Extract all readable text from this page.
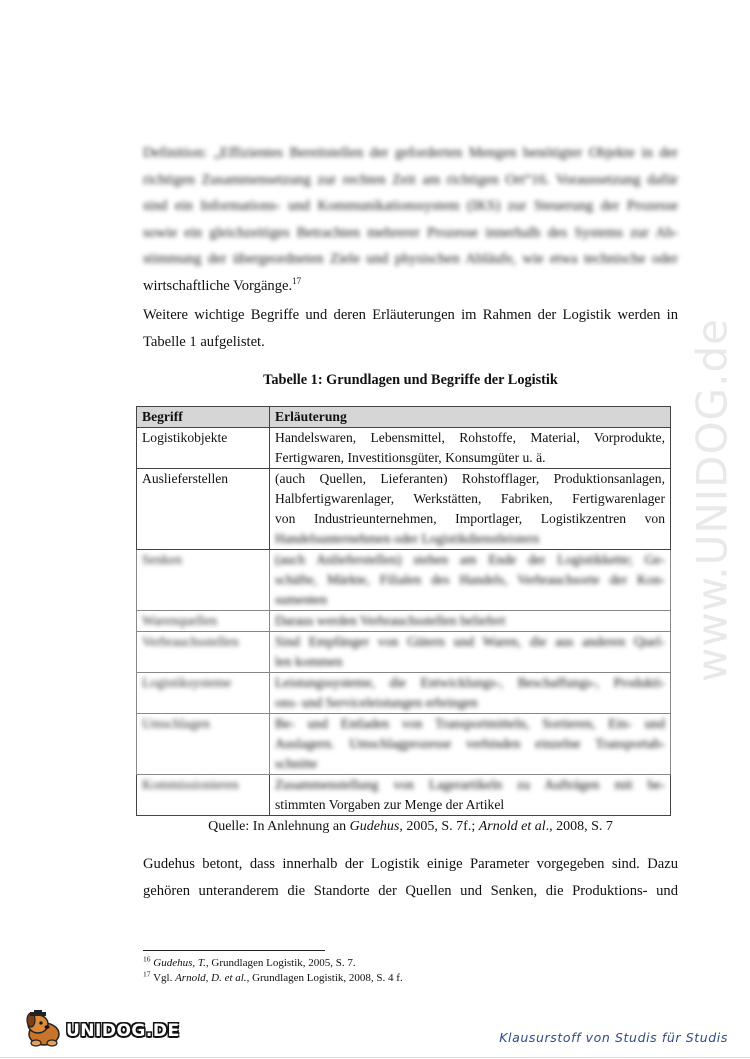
www.UNIDOG.de
Definition: „Effizientes Bereitstellen der geforderten Mengen benötigter Objekte in der
richtigen Zusammensetzung zur rechten Zeit am richtigen Ort“16. Voraussetzung dafür
sind ein Informations- und Kommunikationssystem (IKS) zur Steuerung der Prozesse
sowie ein gleichzeitiges Betrachten mehrerer Prozesse innerhalb des Systems zur Ab-
stimmung der übergeordneten Ziele und physischen Abläufe, wie etwa technische oder
wirtschaftliche Vorgänge.$^{17}$

Weitere wichtige Begriffe und deren Erläuterungen im Rahmen der Logistik werden in

Tabelle 1 aufgelistet.

Tabelle 1: Grundlagen und Begriffe der Logistik
Begriff	Erläuterung
Logistikobjekte	Handelswaren, Lebensmittel, Rohstoffe, Material, Vorprodukte,
Fertigwaren, Investitionsgüter, Konsumgüter u. ä.

Auslieferstellen	(auch Quellen, Lieferanten) Rohstofflager, Produktionsanlagen,
Halbfertigwarenlager, Werkstätten, Fabriken, Fertigwarenlager
von Industrieunternehmen, Importlager, Logistikzentren von
Handelsunternehmen oder Logistikdienstleistern

Senken	(auch Anlieferstellen) stehen am Ende der Logistikkette; Ge-
schäfte, Märkte, Filialen des Handels, Verbrauchsorte der Kon-
sumenten

Warenquellen	Daraus werden Verbrauchsstellen beliefert

Verbrauchsstellen	Sind Empfänger von Gütern und Waren, die aus anderen Quel-
len kommen

Logistiksysteme	Leistungssysteme, die Entwicklungs-, Beschaffungs-, Produkti-
ons- und Serviceleistungen erbringen

Umschlagen	Be- und Entladen von Transportmitteln, Sortieren, Ein- und
Auslagern. Umschlagprozesse verbinden einzelne Transportab-
schnitte

Kommissionieren	Zusammenstellung von Lagerartikeln zu Aufträgen mit be-
stimmten Vorgaben zur Menge der Artikel
Quelle: In Anlehnung an Gudehus, 2005, S. 7f.; Arnold et al., 2008, S. 7

Gudehus betont, dass innerhalb der Logistik einige Parameter vorgegeben sind. Dazu

gehören unteranderem die Standorte der Quellen und Senken, die Produktions- und

$^{16}$ Gudehus, T., Grundlagen Logistik, 2005, S. 7.
$^{17}$ Vgl. Arnold, D. et al., Grundlagen Logistik, 2008, S. 4 f.
UNIDOG.DE	Klausurstoff von Studis für Studis
